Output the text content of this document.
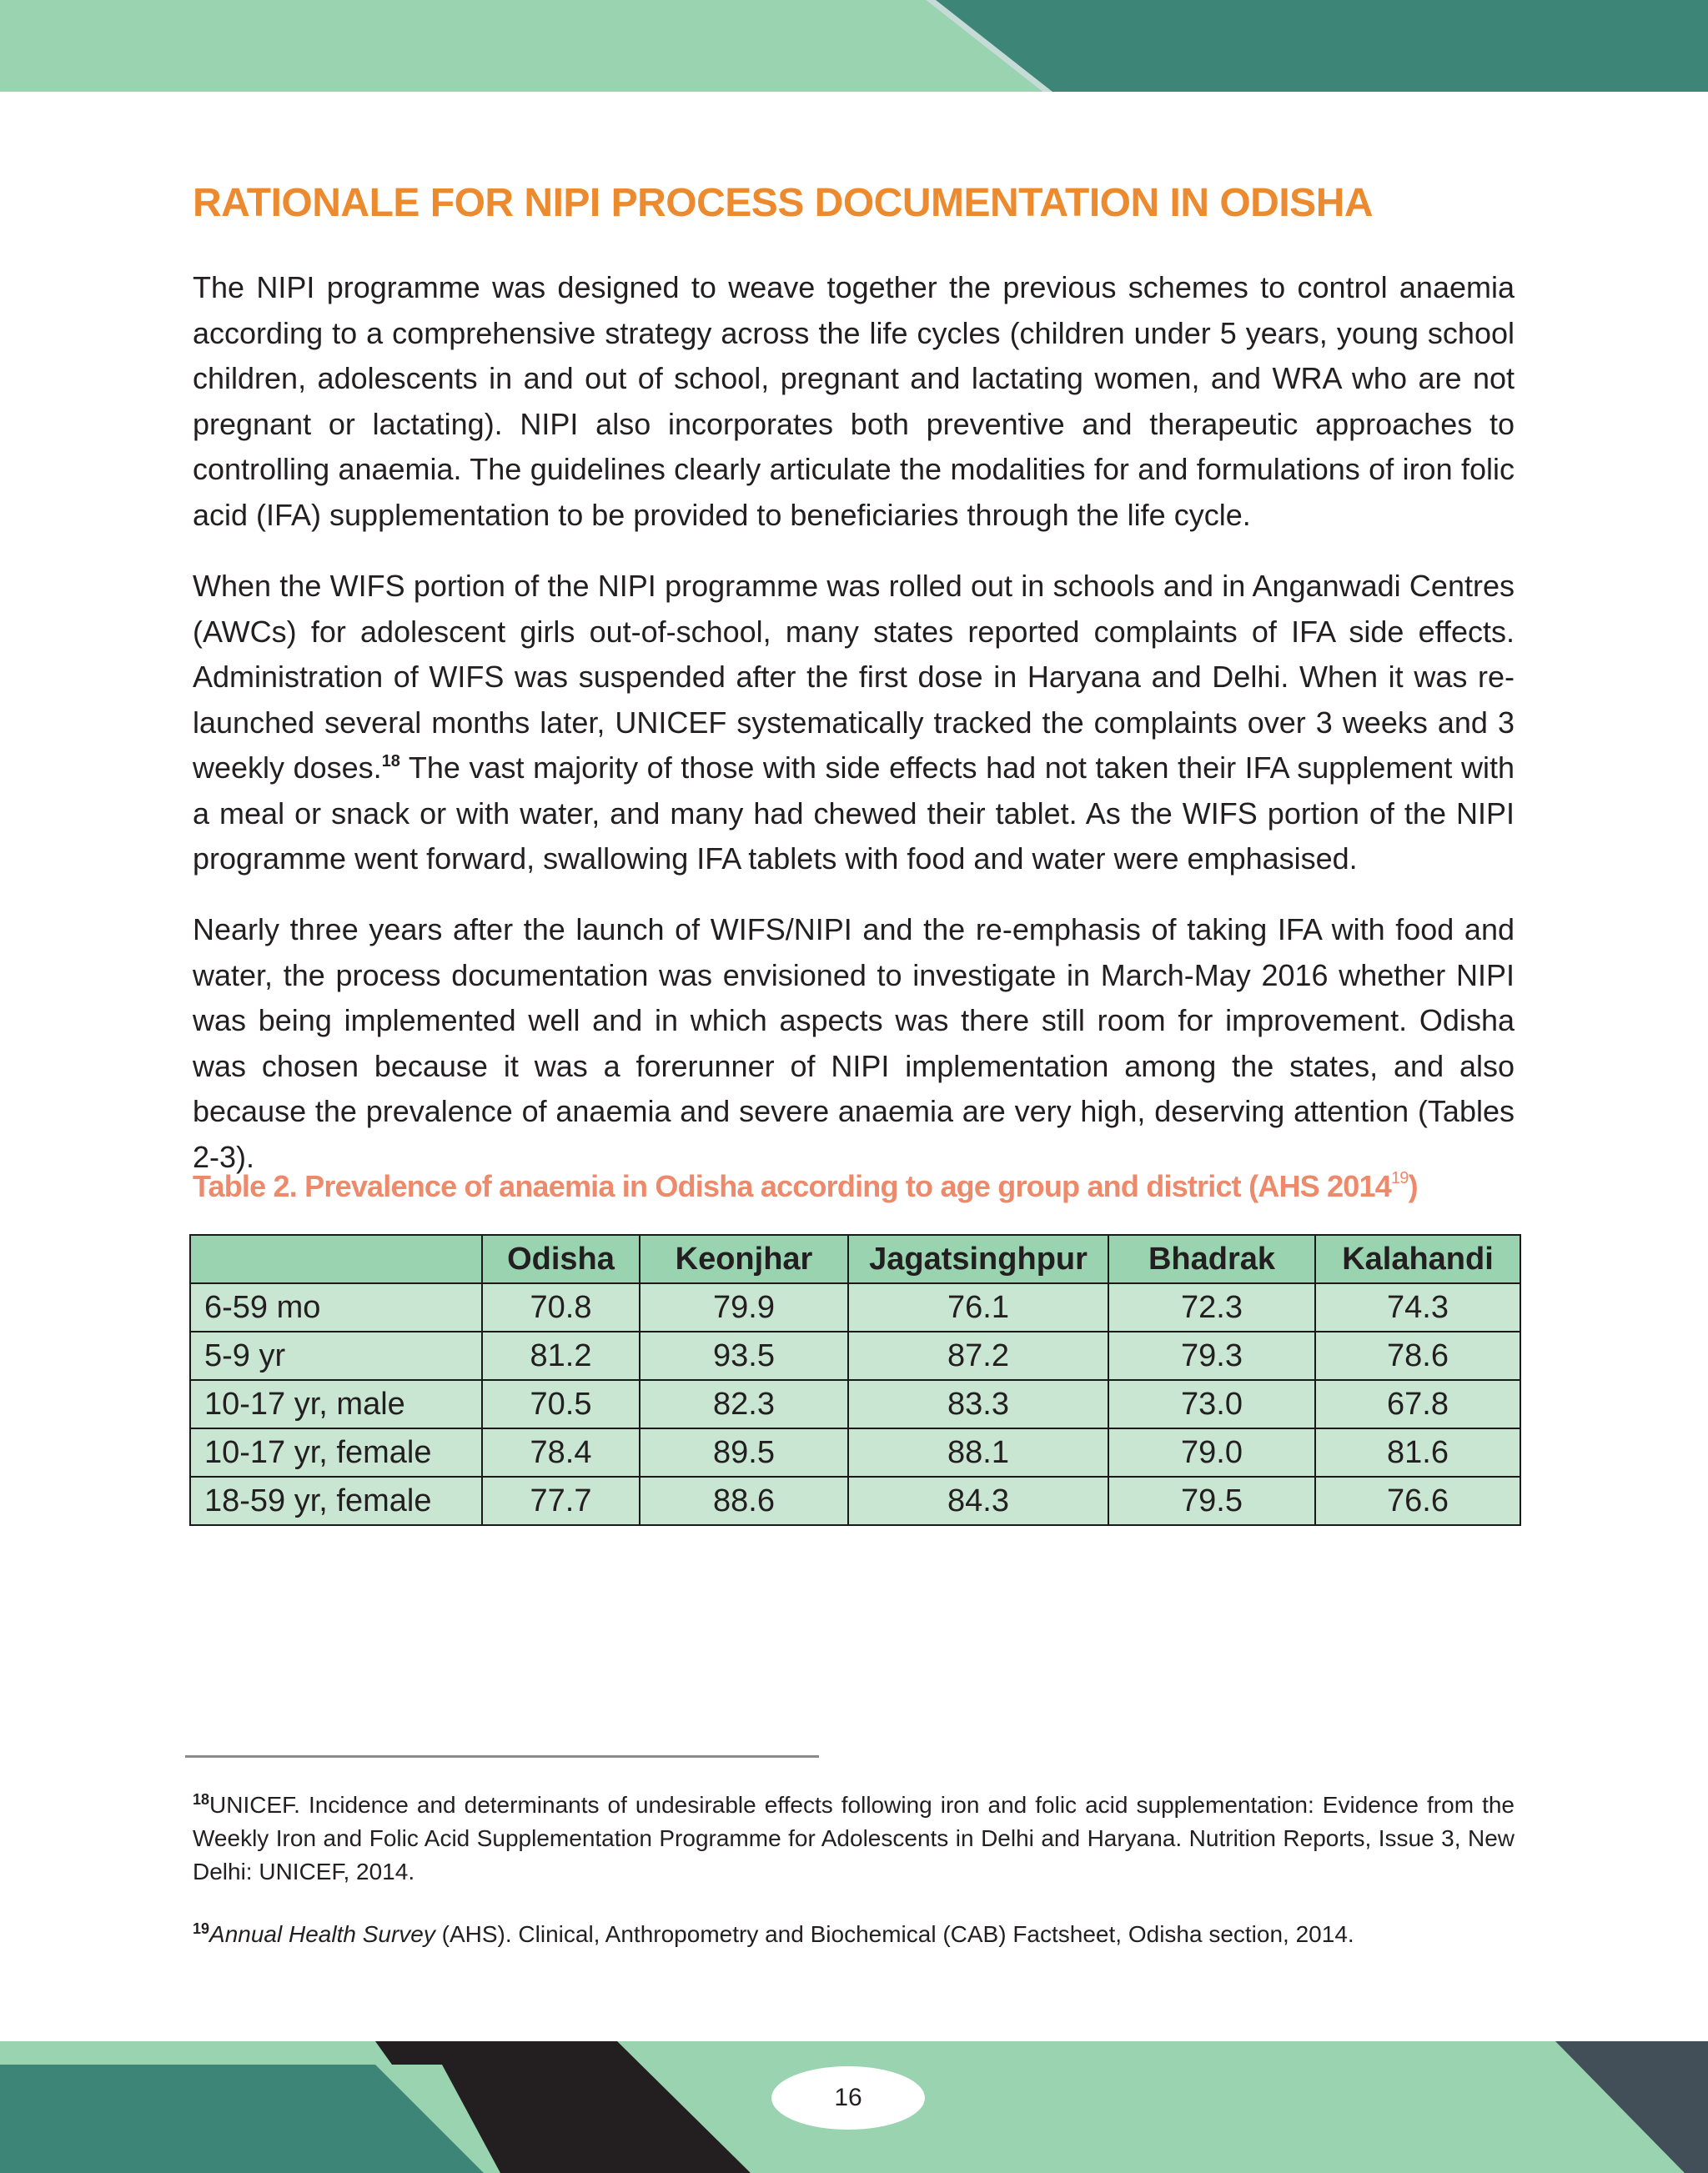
RATIONALE FOR NIPI PROCESS DOCUMENTATION IN ODISHA

The NIPI programme was designed to weave together the previous schemes to control anaemia according to a comprehensive strategy across the life cycles (children under 5 years, young school children, adolescents in and out of school, pregnant and lactating women, and WRA who are not pregnant or lactating). NIPI also incorporates both preventive and therapeutic approaches to controlling anaemia. The guidelines clearly articulate the modalities for and formulations of iron folic acid (IFA) supplementation to be provided to beneficiaries through the life cycle.

When the WIFS portion of the NIPI programme was rolled out in schools and in Anganwadi Centres (AWCs) for adolescent girls out-of-school, many states reported complaints of IFA side effects. Administration of WIFS was suspended after the first dose in Haryana and Delhi. When it was re-launched several months later, UNICEF systematically tracked the complaints over 3 weeks and 3 weekly doses.$^{18}$ The vast majority of those with side effects had not taken their IFA supplement with a meal or snack or with water, and many had chewed their tablet. As the WIFS portion of the NIPI programme went forward, swallowing IFA tablets with food and water were emphasised.

Nearly three years after the launch of WIFS/NIPI and the re-emphasis of taking IFA with food and water, the process documentation was envisioned to investigate in March-May 2016 whether NIPI was being implemented well and in which aspects was there still room for improvement. Odisha was chosen because it was a forerunner of NIPI implementation among the states, and also because the prevalence of anaemia and severe anaemia are very high, deserving attention (Tables 2-3).

Table 2. Prevalence of anaemia in Odisha according to age group and district (AHS 2014$^{19}$)

	Odisha	Keonjhar	Jagatsinghpur	Bhadrak	Kalahandi
6-59 mo	70.8	79.9	76.1	72.3	74.3
5-9 yr	81.2	93.5	87.2	79.3	78.6
10-17 yr, male	70.5	82.3	83.3	73.0	67.8
10-17 yr, female	78.4	89.5	88.1	79.0	81.6
18-59 yr, female	77.7	88.6	84.3	79.5	76.6

$^{18}$UNICEF. Incidence and determinants of undesirable effects following iron and folic acid supplementation: Evidence from the Weekly Iron and Folic Acid Supplementation Programme for Adolescents in Delhi and Haryana. Nutrition Reports, Issue 3, New Delhi: UNICEF, 2014.

$^{19}$Annual Health Survey (AHS). Clinical, Anthropometry and Biochemical (CAB) Factsheet, Odisha section, 2014.

16
